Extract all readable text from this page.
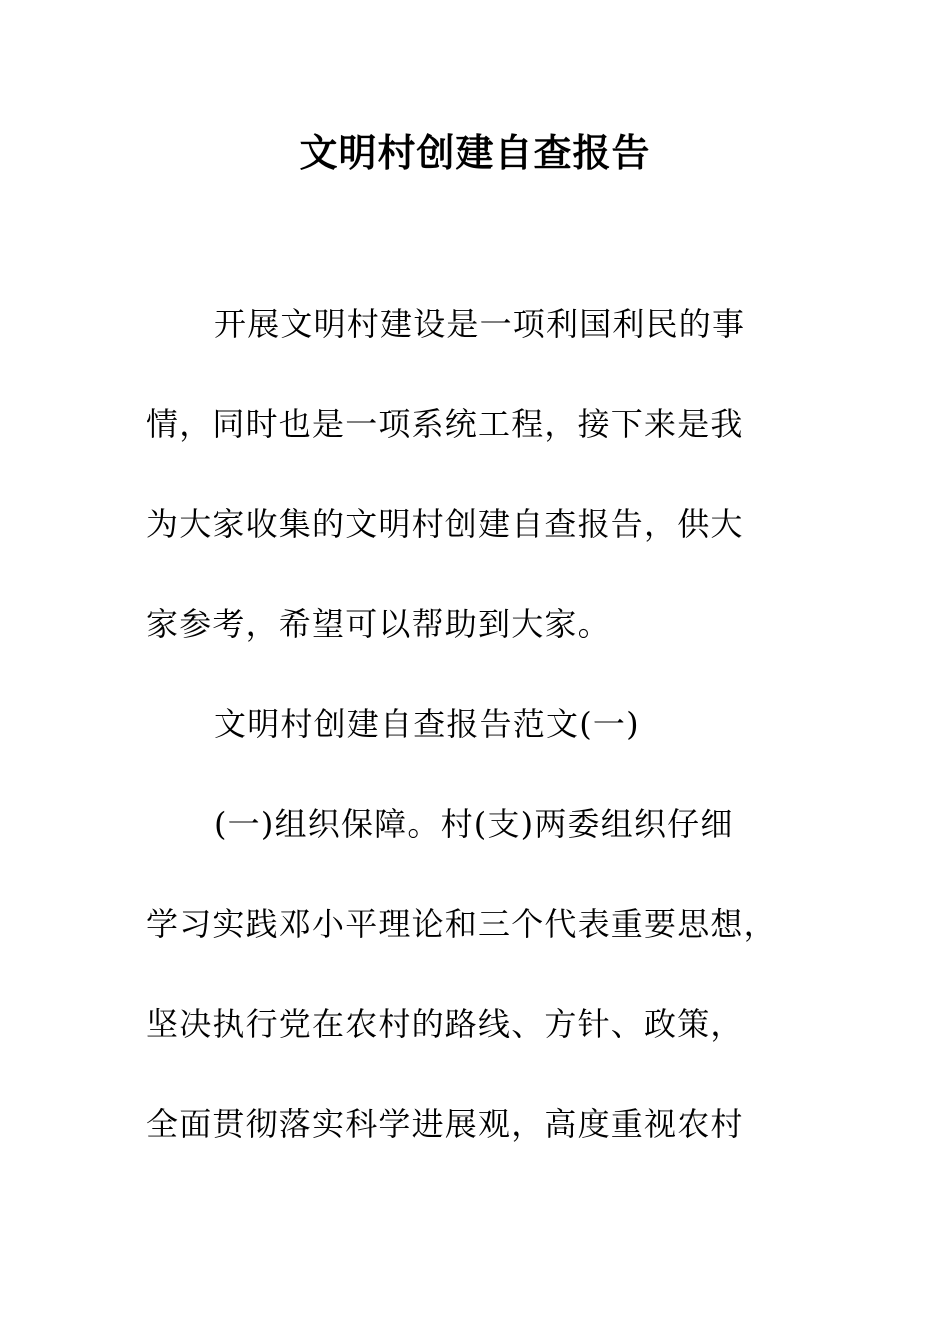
文明村创建自查报告

开展文明村建设是一项利国利民的事

情，同时也是一项系统工程，接下来是我

为大家收集的文明村创建自查报告，供大

家参考，希望可以帮助到大家。

文明村创建自查报告范文(一)

(一)组织保障。村(支)两委组织仔细

学习实践邓小平理论和三个代表重要思想，

坚决执行党在农村的路线、方针、政策，

全面贯彻落实科学进展观，高度重视农村
